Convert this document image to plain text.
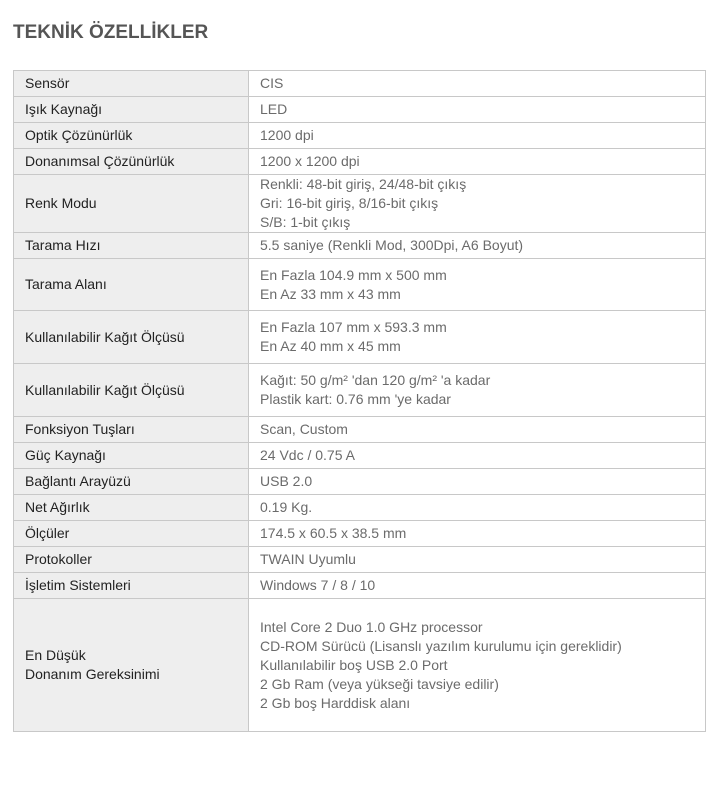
TEKNİK ÖZELLİKLER
Sensör	CIS

Işık Kaynağı	LED

Optik Çözünürlük	1200 dpi

Donanımsal Çözünürlük	1200 x 1200 dpi

Renk Modu	Renkli: 48-bit giriş, 24/48-bit çıkış
Gri: 16-bit giriş, 8/16-bit çıkış
S/B: 1-bit çıkış

Tarama Hızı	5.5 saniye (Renkli Mod, 300Dpi, A6 Boyut)

Tarama Alanı	En Fazla 104.9 mm x 500 mm
En Az 33 mm x 43 mm

Kullanılabilir Kağıt Ölçüsü	En Fazla 107 mm x 593.3 mm
En Az 40 mm x 45 mm

Kullanılabilir Kağıt Ölçüsü	Kağıt: 50 g/m² 'dan 120 g/m² 'a kadar
Plastik kart: 0.76 mm 'ye kadar

Fonksiyon Tuşları	Scan, Custom

Güç Kaynağı	24 Vdc / 0.75 A

Bağlantı Arayüzü	USB 2.0

Net Ağırlık	0.19 Kg.

Ölçüler	174.5 x 60.5 x 38.5 mm

Protokoller	TWAIN Uyumlu

İşletim Sistemleri	Windows 7 / 8 / 10

En Düşük
Donanım Gereksinimi	Intel Core 2 Duo 1.0 GHz processor
CD-ROM Sürücü (Lisanslı yazılım kurulumu için gereklidir)
Kullanılabilir boş USB 2.0 Port
2 Gb Ram (veya yükseği tavsiye edilir)
2 Gb boş Harddisk alanı
